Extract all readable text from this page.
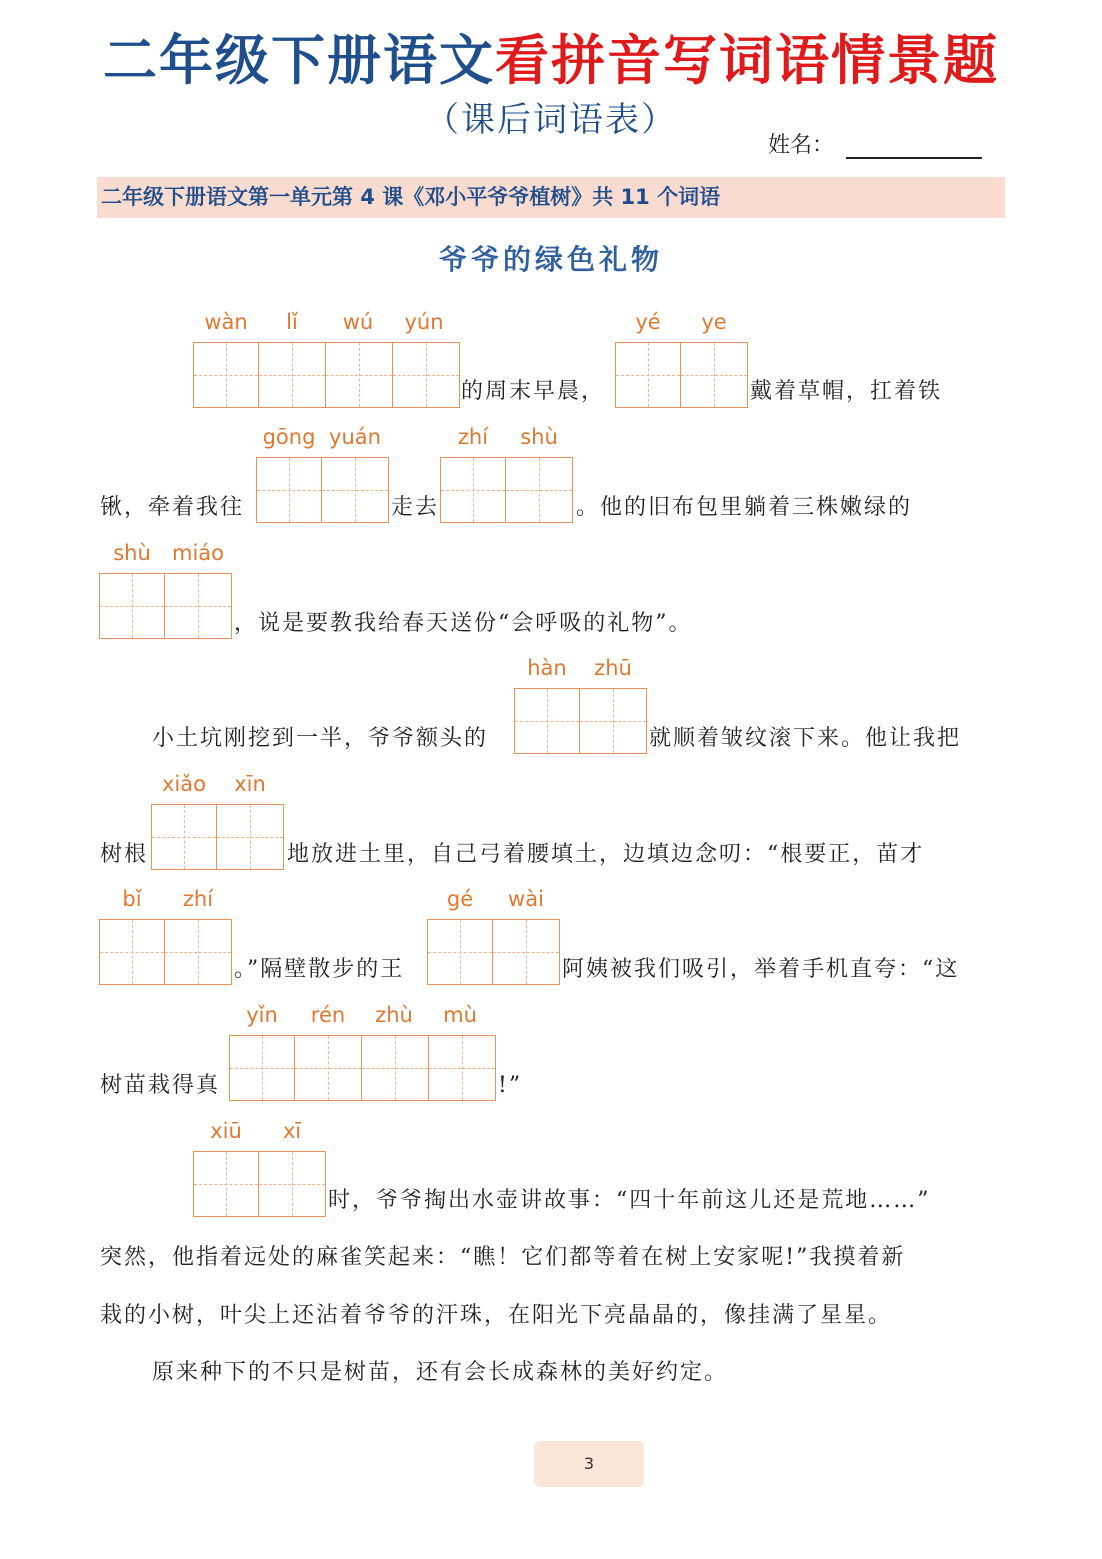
二年级下册语文看拼音写词语情景题
（课后词语表）
姓名：
二年级下册语文第一单元第 4 课《邓小平爷爷植树》共 11 个词语
爷爷的绿色礼物
wàn	lǐ	wú	yún
的周末早晨，
yé	ye
戴着草帽，扛着铁
锹，牵着我往
gōng yuán
走去
zhí	shù
。他的旧布包里躺着三株嫩绿的
shù	miáo
，说是要教我给春天送份“会呼吸的礼物”。
小土坑刚挖到一半，爷爷额头的
hàn	zhū
就顺着皱纹滚下来。他让我把
树根
xiǎo	xīn
地放进土里，自己弓着腰填土，边填边念叨：“根要正，苗才
bǐ	zhí
。”隔壁散步的王
gé	wài
阿姨被我们吸引，举着手机直夸：“这
树苗栽得真
yǐn	rén	zhù	mù
!”
xiū	xī
时，爷爷掏出水壶讲故事：“四十年前这儿还是荒地……”
突然，他指着远处的麻雀笑起来：“瞧！它们都等着在树上安家呢!”我摸着新
栽的小树，叶尖上还沾着爷爷的汗珠，在阳光下亮晶晶的，像挂满了星星。
原来种下的不只是树苗，还有会长成森林的美好约定。
3
